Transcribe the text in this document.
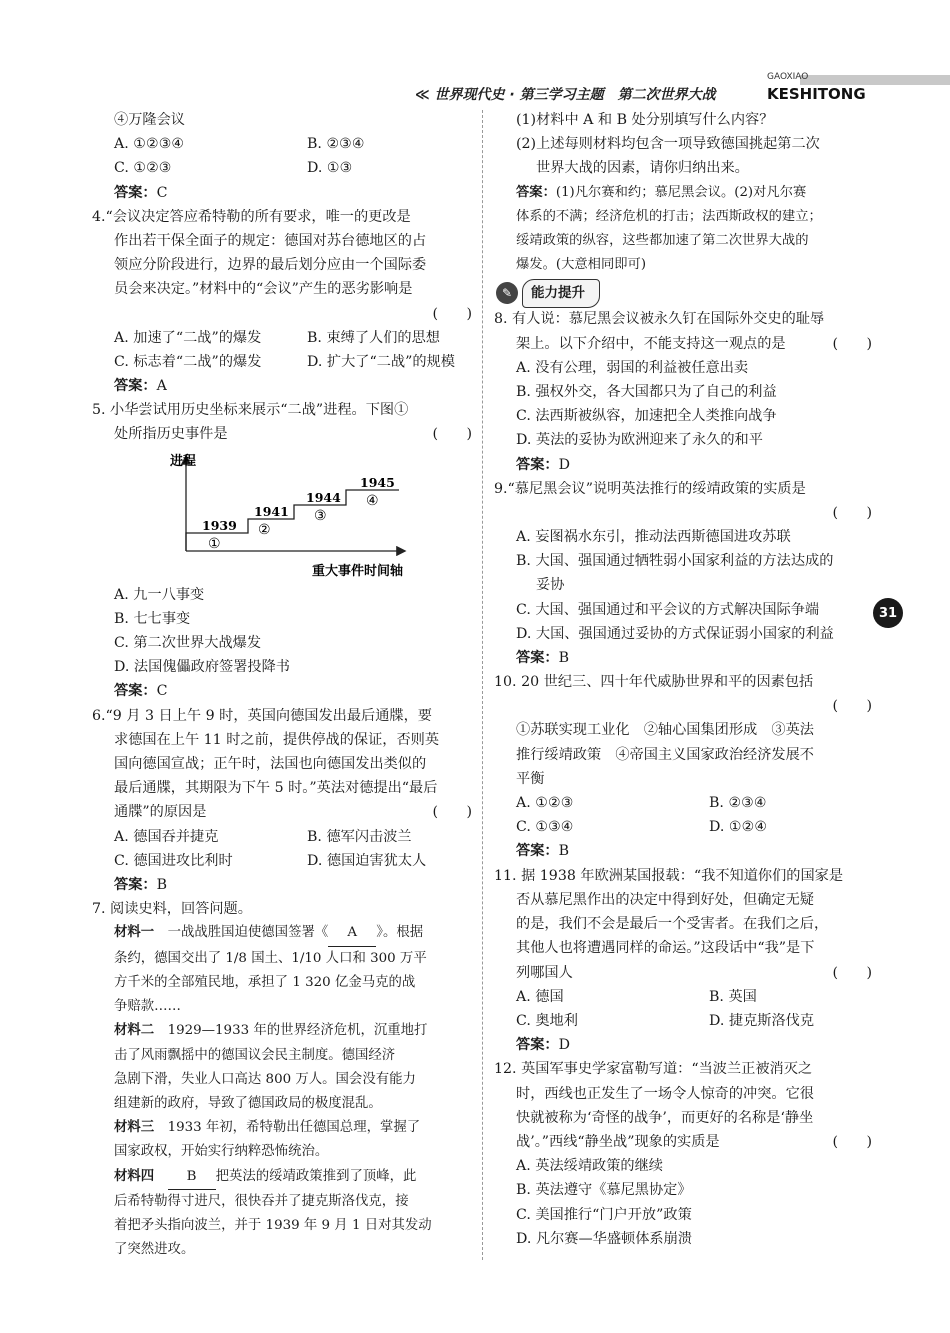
≪ 世界现代史 · 第三学习主题　第二次世界大战
GAOXIAO
KESHITONG
31
④万隆会议
A. ①②③④	B. ②③④
C. ①②③	D. ①③
答案：C
4.“会议决定答应希特勒的所有要求，唯一的更改是
作出若干保全面子的规定：德国对苏台德地区的占
领应分阶段进行，边界的最后划分应由一个国际委
员会来决定。”材料中的“会议”产生的恶劣影响是
(　　)
A. 加速了“二战”的爆发	B. 束缚了人们的思想
C. 标志着“二战”的爆发	D. 扩大了“二战”的规模
答案：A
5. 小华尝试用历史坐标来展示“二战”进程。下图①
处所指历史事件是	(　　)
进程
重大事件时间轴
1939
①
1941
②
1944
③
1945
④
A. 九一八事变
B. 七七事变
C. 第二次世界大战爆发
D. 法国傀儡政府签署投降书
答案：C
6.“9 月 3 日上午 9 时，英国向德国发出最后通牒，要
求德国在上午 11 时之前，提供停战的保证，否则英
国向德国宣战；正午时，法国也向德国发出类似的
最后通牒，其期限为下午 5 时。”英法对德提出“最后
通牒”的原因是	(　　)
A. 德国吞并捷克	B. 德军闪击波兰
C. 德国进攻比利时	D. 德国迫害犹太人
答案：B
7. 阅读史料，回答问题。
材料一　 一战战胜国迫使德国签署《 A 》。根据
条约，德国交出了 1/8 国土、1/10 人口和 300 万平
方千米的全部殖民地，承担了 1 320 亿金马克的战
争赔款……
材料二　 1929—1933 年的世界经济危机，沉重地打
击了风雨飘摇中的德国议会民主制度。德国经济
急剧下滑，失业人口高达 800 万人。国会没有能力
组建新的政府，导致了德国政局的极度混乱。
材料三　 1933 年初，希特勒出任德国总理，掌握了
国家政权，开始实行纳粹恐怖统治。
材料四　 B 把英法的绥靖政策推到了顶峰，此
后希特勒得寸进尺，很快吞并了捷克斯洛伐克，接
着把矛头指向波兰，并于 1939 年 9 月 1 日对其发动
了突然进攻。
(1)材料中 A 和 B 处分别填写什么内容？
(2)上述每则材料均包含一项导致德国挑起第二次
世界大战的因素，请你归纳出来。
答案：(1)凡尔赛和约；慕尼黑会议。(2)对凡尔赛
体系的不满；经济危机的打击；法西斯政权的建立；
绥靖政策的纵容，这些都加速了第二次世界大战的
爆发。(大意相同即可)
✎	能力提升
8. 有人说：慕尼黑会议被永久钉在国际外交史的耻辱
架上。以下介绍中，不能支持这一观点的是	(　　)
A. 没有公理，弱国的利益被任意出卖
B. 强权外交，各大国都只为了自己的利益
C. 法西斯被纵容，加速把全人类推向战争
D. 英法的妥协为欧洲迎来了永久的和平
答案：D
9.“慕尼黑会议”说明英法推行的绥靖政策的实质是
(　　)
A. 妄图祸水东引，推动法西斯德国进攻苏联
B. 大国、强国通过牺牲弱小国家利益的方法达成的
妥协
C. 大国、强国通过和平会议的方式解决国际争端
D. 大国、强国通过妥协的方式保证弱小国家的利益
答案：B
10. 20 世纪三、四十年代威胁世界和平的因素包括
(　　)
①苏联实现工业化　②轴心国集团形成　③英法
推行绥靖政策　④帝国主义国家政治经济发展不
平衡
A. ①②③	B. ②③④
C. ①③④	D. ①②④
答案：B
11. 据 1938 年欧洲某国报载：“我不知道你们的国家是
否从慕尼黑作出的决定中得到好处，但确定无疑
的是，我们不会是最后一个受害者。在我们之后，
其他人也将遭遇同样的命运。”这段话中“我”是下
列哪国人	(　　)
A. 德国	B. 英国
C. 奥地利	D. 捷克斯洛伐克
答案：D
12. 英国军事史学家富勒写道：“当波兰正被消灭之
时，西线也正发生了一场令人惊奇的冲突。它很
快就被称为‘奇怪的战争’，而更好的名称是‘静坐
战’。”西线“静坐战”现象的实质是	(　　)
A. 英法绥靖政策的继续
B. 英法遵守《慕尼黑协定》
C. 美国推行“门户开放”政策
D. 凡尔赛—华盛顿体系崩溃
